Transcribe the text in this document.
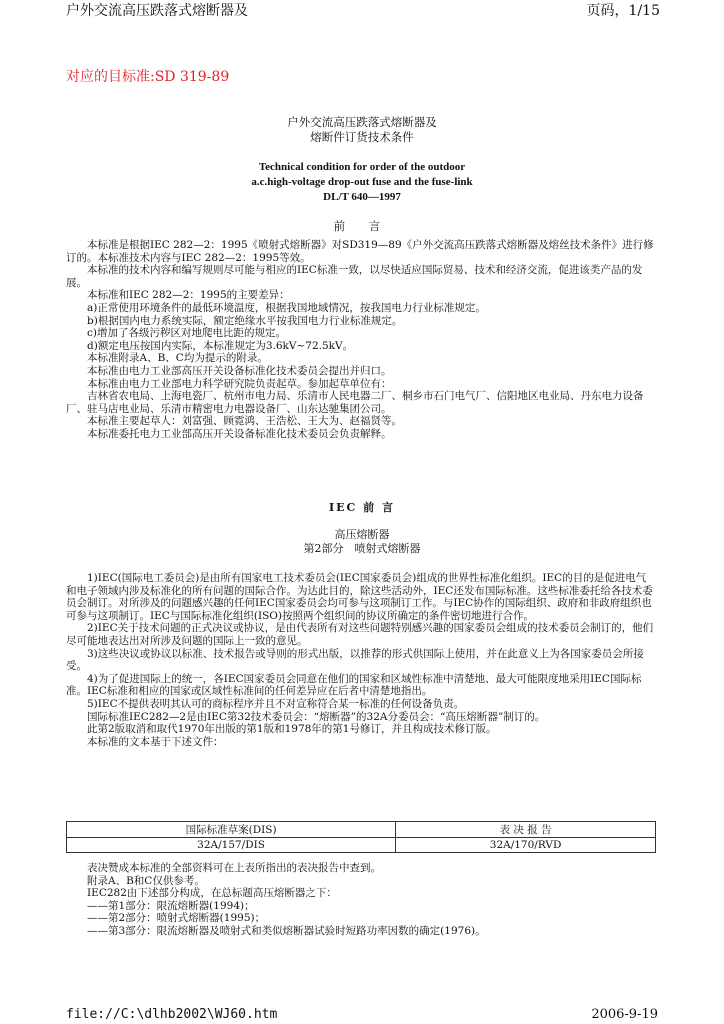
户外交流高压跌落式熔断器及	页码，1/15
对应的目标准:SD 319-89
户外交流高压跌落式熔断器及
熔断件订货技术条件
Technical condition for order of the outdoor
a.c.high-voltage drop-out fuse and the fuse-link
DL/T 640—1997
前 言

本标准是根据IEC 282—2：1995《喷射式熔断器》对SD319—89《户外交流高压跌落式熔断器及熔丝技术条件》进行修订的。本标准技术内容与IEC 282—2：1995等效。

本标准的技术内容和编写规则尽可能与相应的IEC标准一致，以尽快适应国际贸易、技术和经济交流，促进该类产品的发展。

本标准和IEC 282—2：1995的主要差异：

a)正常使用环境条件的最低环境温度，根据我国地域情况，按我国电力行业标准规定。

b)根据国内电力系统实际，额定绝缘水平按我国电力行业标准规定。

c)增加了各级污秽区对地爬电比距的规定。

d)额定电压按国内实际，本标准规定为3.6kV~72.5kV。

本标准附录A、B、C均为提示的附录。

本标准由电力工业部高压开关设备标准化技术委员会提出并归口。

本标准由电力工业部电力科学研究院负责起草。参加起草单位有：

吉林省农电局、上海电瓷厂、杭州市电力局、乐清市人民电器二厂、桐乡市石门电气厂、信阳地区电业局、丹东电力设备厂、驻马店电业局、乐清市精密电力电器设备厂、山东达驰集团公司。

本标准主要起草人：刘富强、顾霓鸿、王浩松、王大为、赵福贤等。

本标准委托电力工业部高压开关设备标准化技术委员会负责解释。

IEC 前 言
高压熔断器
第2部分　喷射式熔断器

1)IEC(国际电工委员会)是由所有国家电工技术委员会(IEC国家委员会)组成的世界性标准化组织。IEC的目的是促进电气和电子领域内涉及标准化的所有问题的国际合作。为达此目的，除这些活动外，IEC还发布国际标准。这些标准委托给各技术委员会制订。对所涉及的问题感兴趣的任何IEC国家委员会均可参与这项制订工作。与IEC协作的国际组织、政府和非政府组织也可参与这项制订。IEC与国际标准化组织(ISO)按照两个组织间的协议所确定的条件密切地进行合作。

2)IEC关于技术问题的正式决议或协议，是由代表所有对这些问题特别感兴趣的国家委员会组成的技术委员会制订的，他们尽可能地表达出对所涉及问题的国际上一致的意见。

3)这些决议或协议以标准、技术报告或导则的形式出版，以推荐的形式供国际上使用，并在此意义上为各国家委员会所接受。

4)为了促进国际上的统一，各IEC国家委员会同意在他们的国家和区域性标准中清楚地、最大可能限度地采用IEC国际标准。IEC标准和相应的国家或区域性标准间的任何差异应在后者中清楚地指出。

5)IEC不提供表明其认可的商标程序并且不对宣称符合某一标准的任何设备负责。

国际标准IEC282—2是由IEC第32技术委员会：“熔断器”的32A分委员会：“高压熔断器”制订的。

此第2版取消和取代1970年出版的第1版和1978年的第1号修订，并且构成技术修订版。

本标准的文本基于下述文件：

国际标准草案(DIS)	表 决 报 告
32A/157/DIS	32A/170/RVD

表决赞成本标准的全部资料可在上表所指出的表决报告中查到。

附录A、B和C仅供参考。

IEC282由下述部分构成，在总标题高压熔断器之下：

——第1部分：限流熔断器(1994)；

——第2部分：喷射式熔断器(1995)；

——第3部分：限流熔断器及喷射式和类似熔断器试验时短路功率因数的确定(1976)。

file://C:\dlhb2002\WJ60.htm	2006-9-19
